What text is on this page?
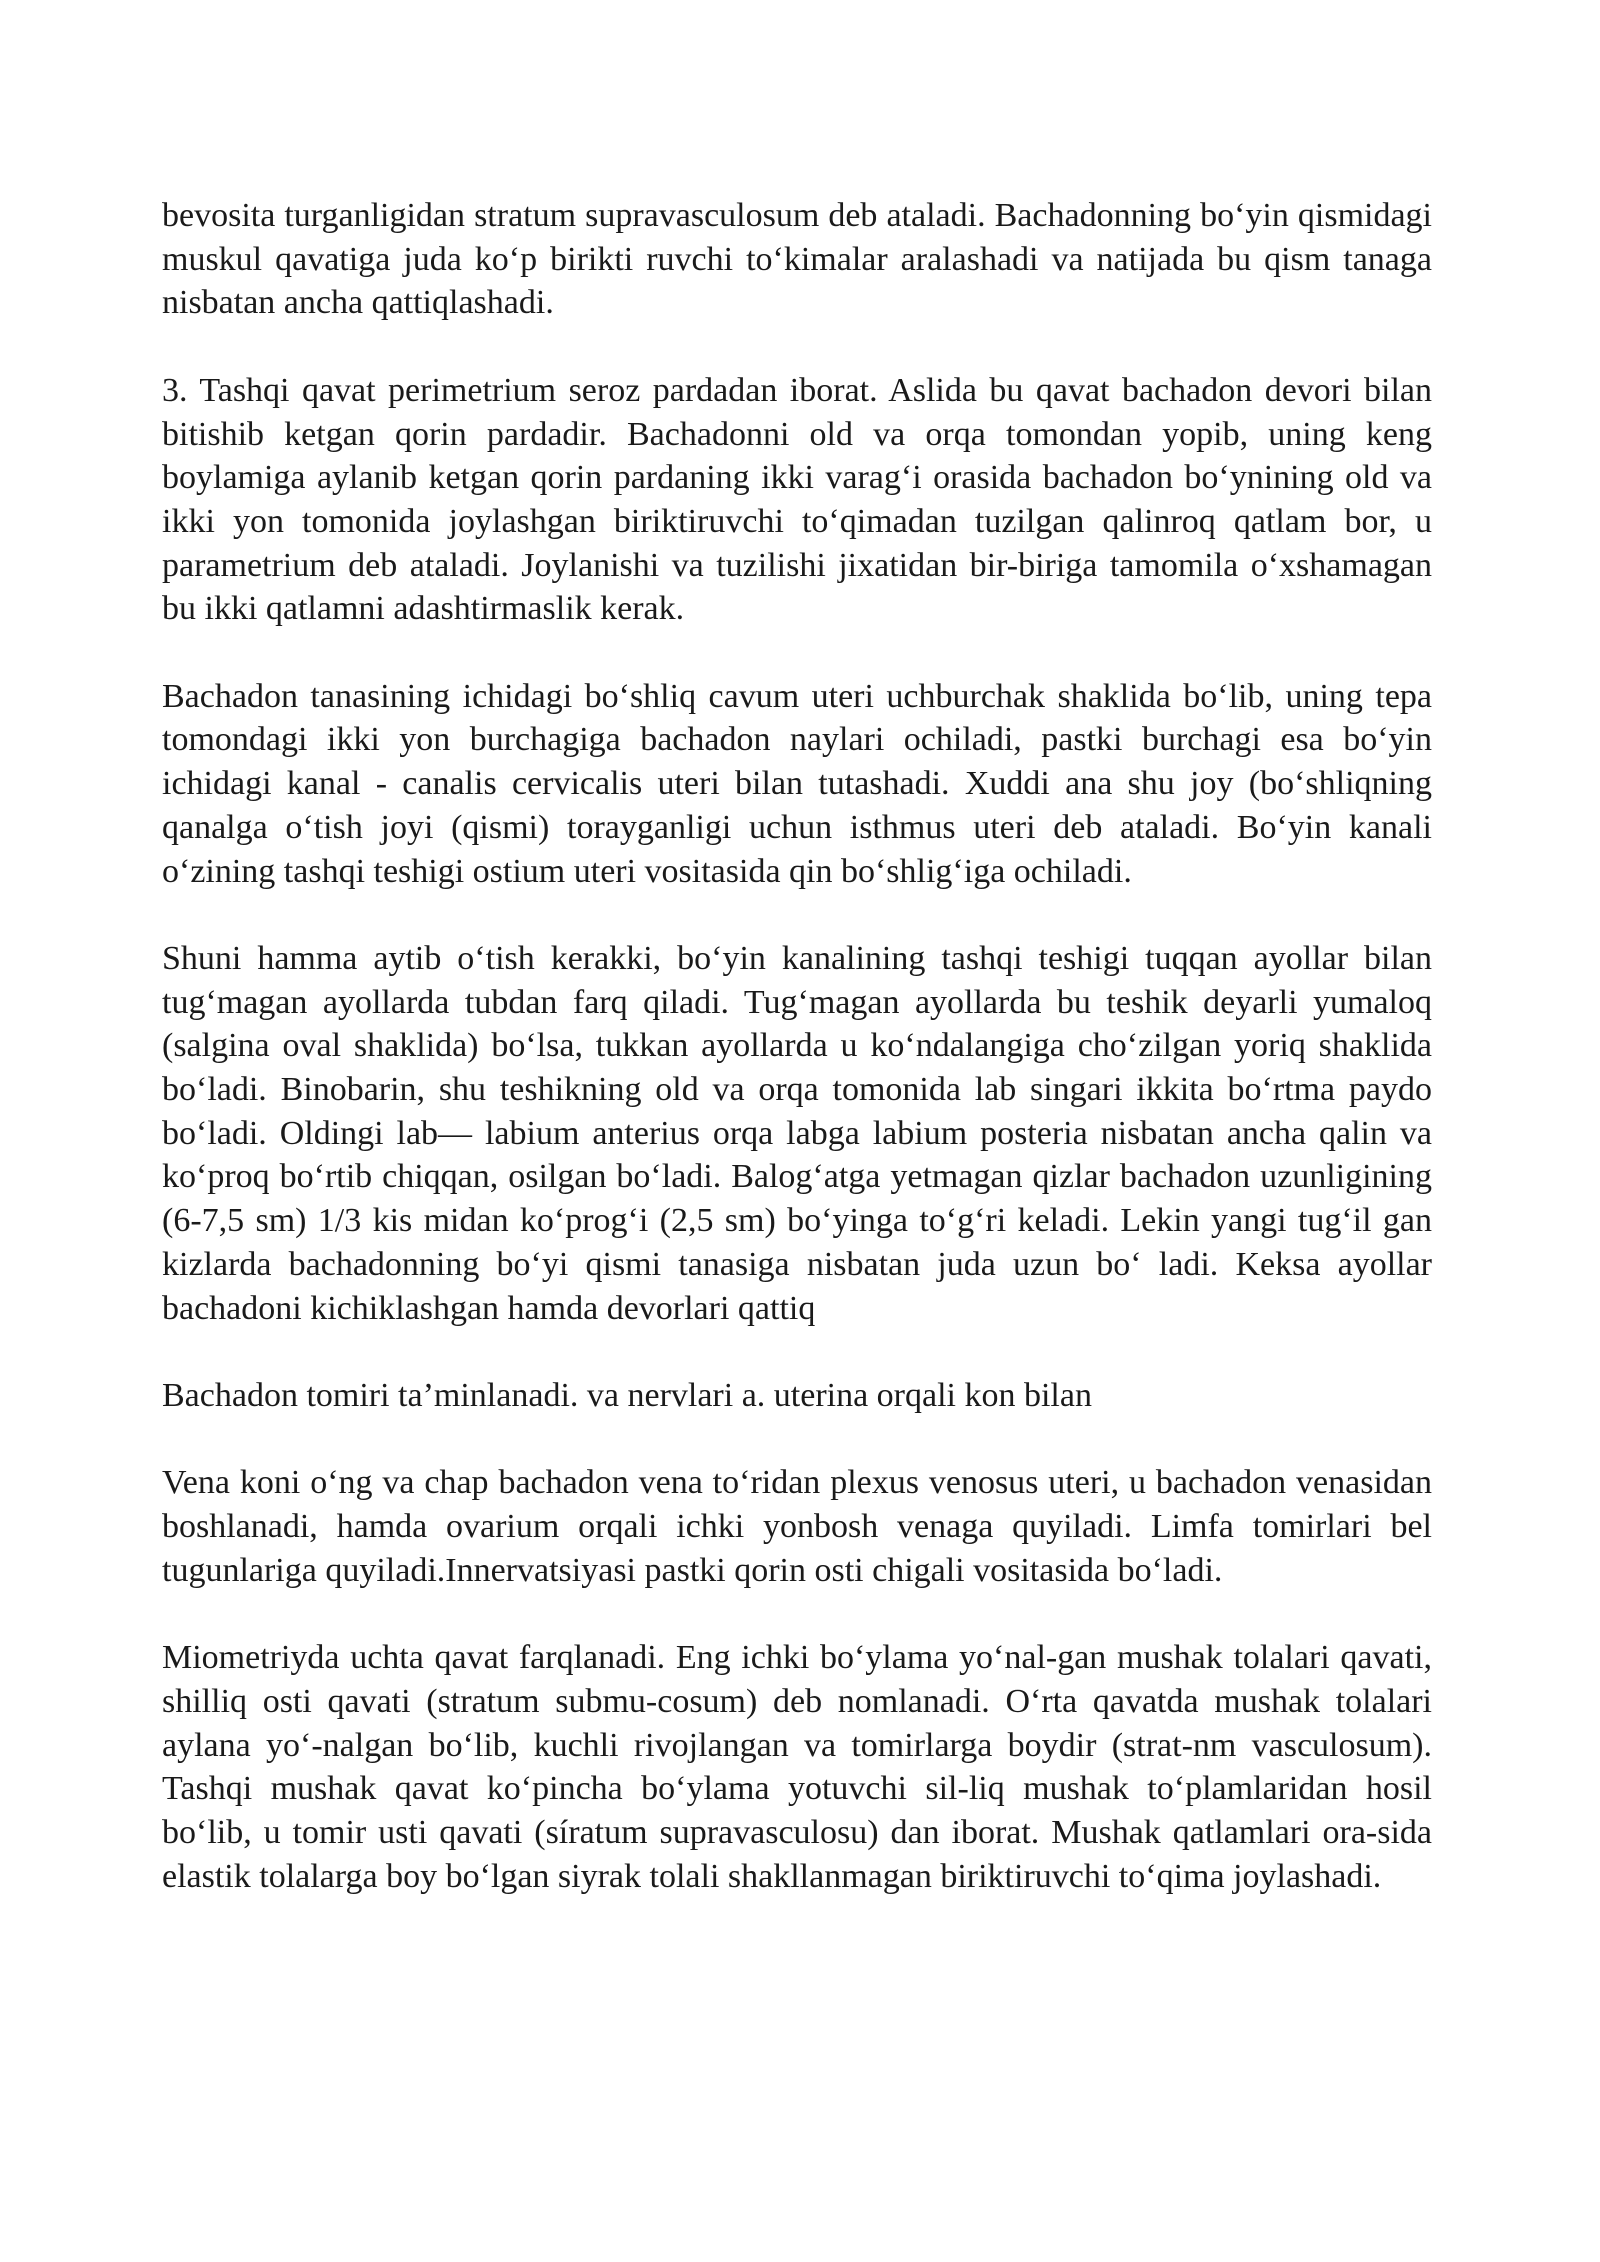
bevosita turganligidan stratum supravasculosum deb ataladi. Bachadonning bo‘yin qismidagi muskul qavatiga juda ko‘p birikti ruvchi to‘kimalar aralashadi va natijada bu qism tanaga nisbatan ancha qattiqlashadi.

3. Tashqi qavat perimetrium seroz pardadan iborat. Aslida bu qavat bachadon devori bilan bitishib ketgan qorin pardadir. Bachadonni old va orqa tomondan yopib, uning keng boylamiga aylanib ketgan qorin pardaning ikki varag‘i orasida bachadon bo‘ynining old va ikki yon tomonida joylashgan biriktiruvchi to‘qimadan tuzilgan qalinroq qatlam bor, u parametrium deb ataladi. Joylanishi va tuzilishi jixatidan bir-biriga tamomila o‘xshamagan bu ikki qatlamni adashtirmaslik kerak.

Bachadon tanasining ichidagi bo‘shliq cavum uteri uchburchak shaklida bo‘lib, uning tepa tomondagi ikki yon burchagiga bachadon naylari ochiladi, pastki burchagi esa bo‘yin ichidagi kanal - canalis cervicalis uteri bilan tutashadi. Xuddi ana shu joy (bo‘shliqning qanalga o‘tish joyi (qismi) torayganligi uchun isthmus uteri deb ataladi. Bo‘yin kanali o‘zining tashqi teshigi ostium uteri vositasida qin bo‘shlig‘iga ochiladi.

Shuni hamma aytib o‘tish kerakki, bo‘yin kanalining tashqi teshigi tuqqan ayollar bilan tug‘magan ayollarda tubdan farq qiladi. Tug‘magan ayollarda bu teshik deyarli yumaloq (salgina oval shaklida) bo‘lsa, tukkan ayollarda u ko‘ndalangiga cho‘zilgan yoriq shaklida bo‘ladi. Binobarin, shu teshikning old va orqa tomonida lab singari ikkita bo‘rtma paydo bo‘ladi. Oldingi lab— labium anterius orqa labga labium posteria nisbatan ancha qalin va ko‘proq bo‘rtib chiqqan, osilgan bo‘ladi. Balog‘atga yetmagan qizlar bachadon uzunligining (6-7,5 sm) 1/3 kis midan ko‘prog‘i (2,5 sm) bo‘yinga to‘g‘ri keladi. Lekin yangi tug‘il gan kizlarda bachadonning bo‘yi qismi tanasiga nisbatan juda uzun bo‘ ladi. Keksa ayollar bachadoni kichiklashgan hamda devorlari qattiq

Bachadon tomiri ta’minlanadi. va nervlari a. uterina orqali kon bilan

Vena koni o‘ng va chap bachadon vena to‘ridan plexus venosus uteri, u bachadon venasidan boshlanadi, hamda ovarium orqali ichki yonbosh venaga quyiladi. Limfa tomirlari bel tugunlariga quyiladi.Innervatsiyasi pastki qorin osti chigali vositasida bo‘ladi.

Miometriyda uchta qavat farqlanadi. Eng ichki bo‘ylama yo‘nal-gan mushak tolalari qavati, shilliq osti qavati (stratum submu-cosum) deb nomlanadi. O‘rta qavatda mushak tolalari aylana yo‘-nalgan bo‘lib, kuchli rivojlangan va tomirlarga boydir (strat-nm vasculosum). Tashqi mushak qavat ko‘pincha bo‘ylama yotuvchi sil-liq mushak to‘plamlaridan hosil bo‘lib, u tomir usti qavati (síratum supravasculosu) dan iborat. Mushak qatlamlari ora-sida elastik tolalarga boy bo‘lgan siyrak tolali shakllanmagan biriktiruvchi to‘qima joylashadi.
